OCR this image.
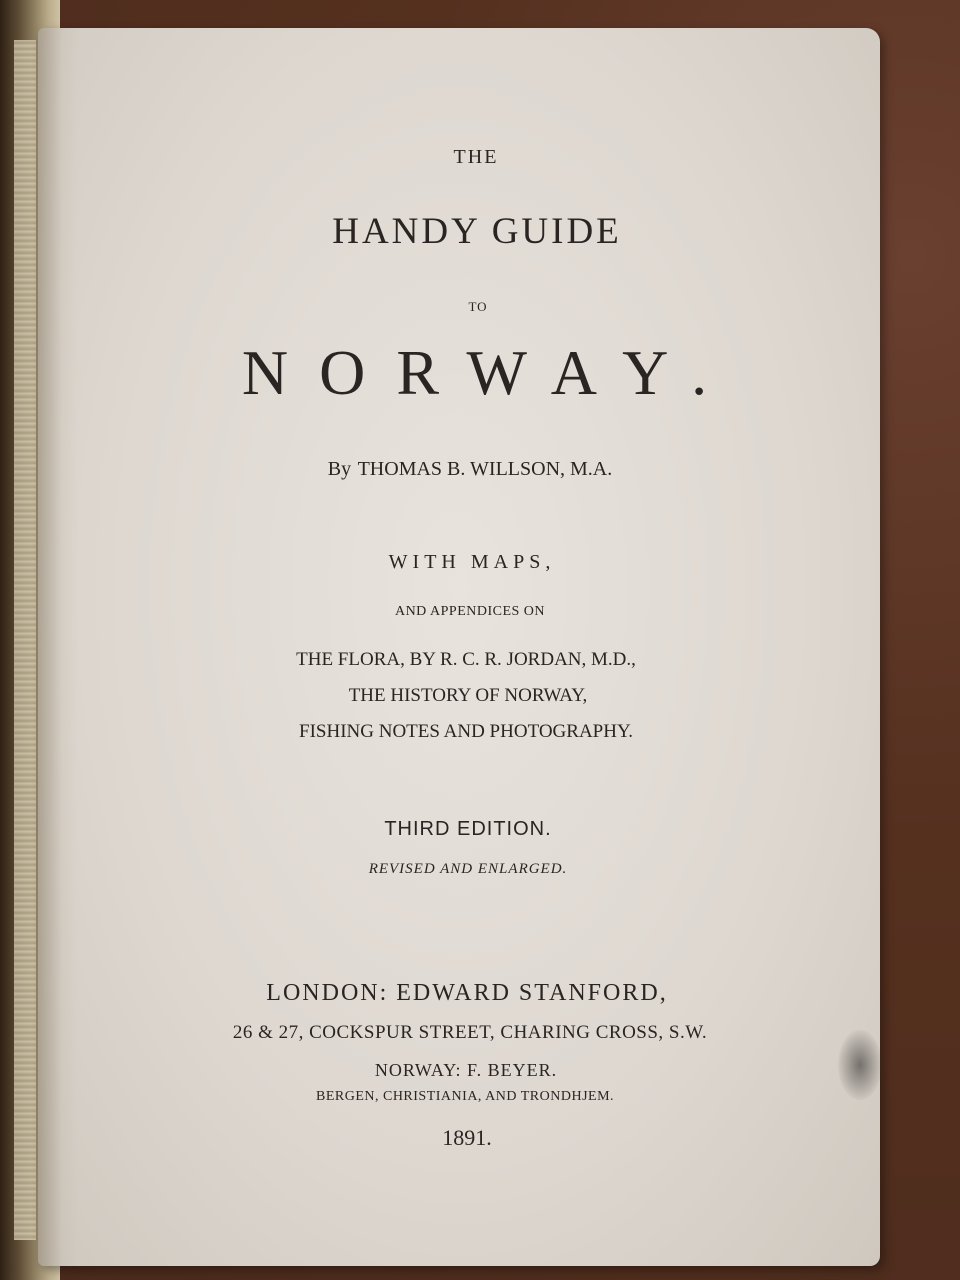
THE
HANDY GUIDE
TO
NORWAY.
By THOMAS B. WILLSON, M.A.
WITH MAPS,
AND APPENDICES ON
THE FLORA, BY R. C. R. JORDAN, M.D.,
THE HISTORY OF NORWAY,
FISHING NOTES AND PHOTOGRAPHY.
THIRD EDITION.
REVISED AND ENLARGED.
LONDON: EDWARD STANFORD,
26 & 27, COCKSPUR STREET, CHARING CROSS, S.W.
NORWAY: F. BEYER.
BERGEN, CHRISTIANIA, AND TRONDHJEM.
1891.
